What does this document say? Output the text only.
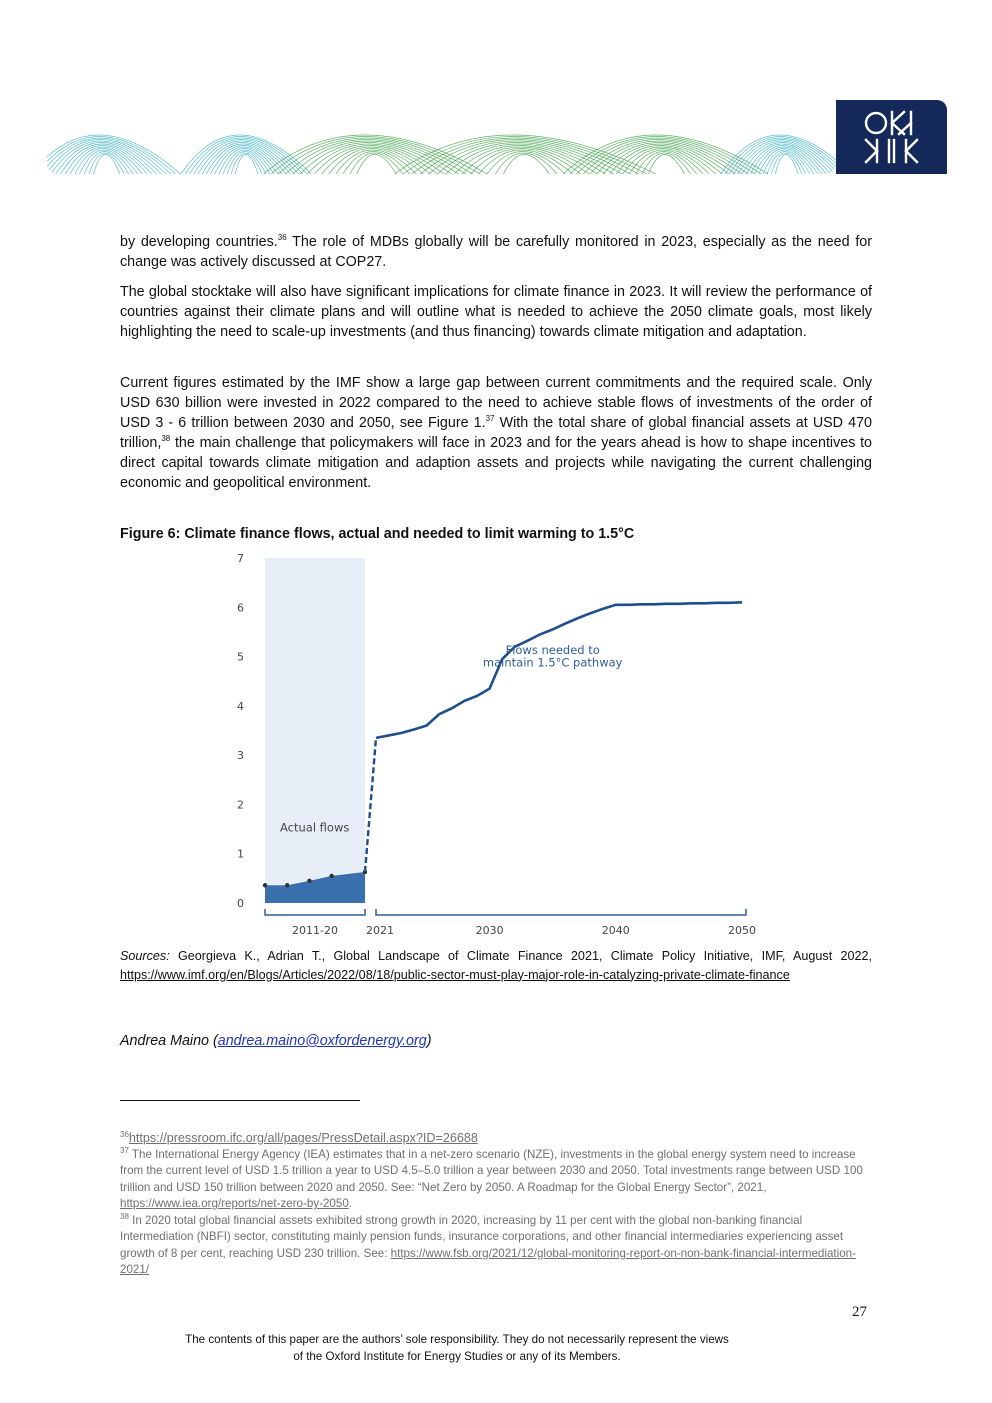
by developing countries.$^{36}$ The role of MDBs globally will be carefully monitored in 2023, especially as the need for change was actively discussed at COP27.

The global stocktake will also have significant implications for climate finance in 2023. It will review the performance of countries against their climate plans and will outline what is needed to achieve the 2050 climate goals, most likely highlighting the need to scale-up investments (and thus financing) towards climate mitigation and adaptation.

Current figures estimated by the IMF show a large gap between current commitments and the required scale. Only USD 630 billion were invested in 2022 compared to the need to achieve stable flows of investments of the order of USD 3 - 6 trillion between 2030 and 2050, see Figure 1.37 With the total share of global financial assets at USD 470 trillion,$^{38}$ the main challenge that policymakers will face in 2023 and for the years ahead is how to shape incentives to direct capital towards climate mitigation and adaption assets and projects while navigating the current challenging economic and geopolitical environment.

Figure 6: Climate finance flows, actual and needed to limit warming to 1.5°C

0
1
2
3
4
5
6
7
Actual flows
Flows needed to
maintain 1.5°C pathway
2011-20	2021	2030	2040	2050

Sources: Georgieva K., Adrian T., Global Landscape of Climate Finance 2021, Climate Policy Initiative, IMF, August 2022, https://www.imf.org/en/Blogs/Articles/2022/08/18/public-sector-must-play-major-role-in-catalyzing-private-climate-finance

Andrea Maino (andrea.maino@oxfordenergy.org)

$^{36}$https://pressroom.ifc.org/all/pages/PressDetail.aspx?ID=26688

$^{37}$ The International Energy Agency (IEA) estimates that in a net-zero scenario (NZE), investments in the global energy system need to increase from the current level of USD 1.5 trillion a year to USD 4.5–5.0 trillion a year between 2030 and 2050. Total investments range between USD 100 trillion and USD 150 trillion between 2020 and 2050. See: “Net Zero by 2050. A Roadmap for the Global Energy Sector”, 2021, https://www.iea.org/reports/net-zero-by-2050.

$^{38}$ In 2020 total global financial assets exhibited strong growth in 2020, increasing by 11 per cent with the global non-banking financial Intermediation (NBFI) sector, constituting mainly pension funds, insurance corporations, and other financial intermediaries experiencing asset growth of 8 per cent, reaching USD 230 trillion. See: https://www.fsb.org/2021/12/global-monitoring-report-on-non-bank-financial-intermediation-2021/

27
The contents of this paper are the authors’ sole responsibility. They do not necessarily represent the views
of the Oxford Institute for Energy Studies or any of its Members.
